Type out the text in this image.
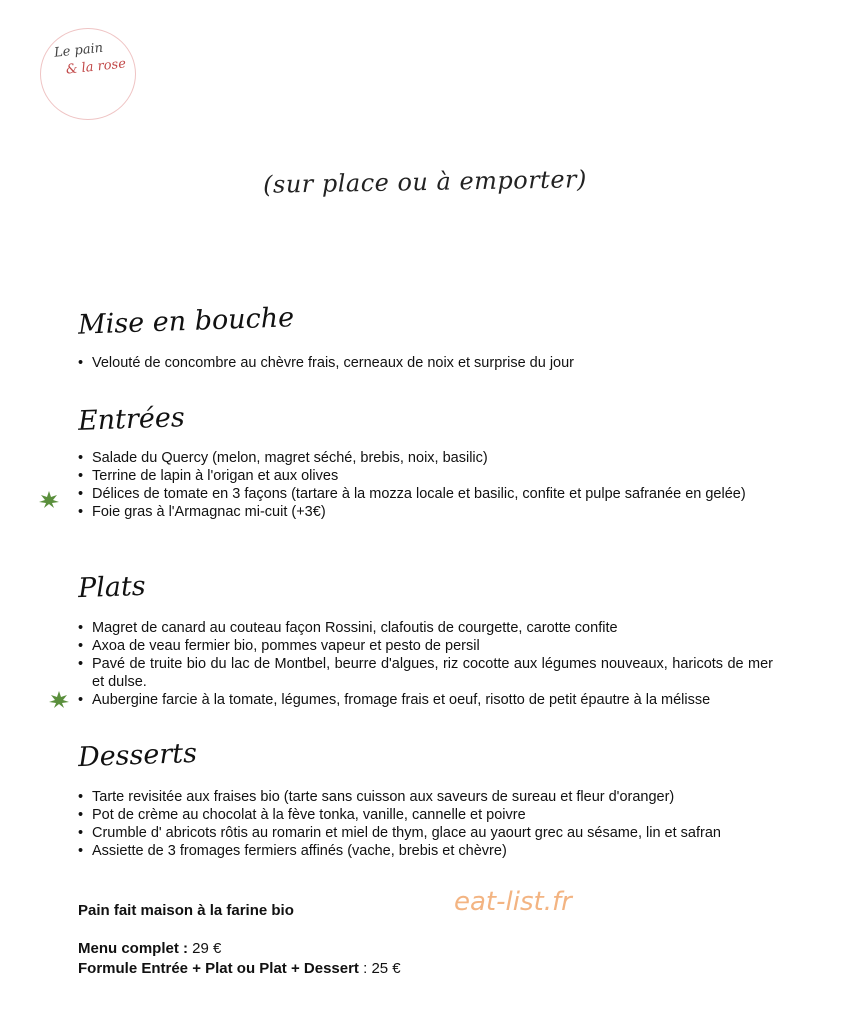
Le pain
& la rose
(sur place ou à emporter)
Mise en bouche
• Velouté de concombre au chèvre frais, cerneaux de noix et surprise du jour
Entrées
• Salade du Quercy (melon, magret séché, brebis, noix, basilic)
• Terrine de lapin à l'origan et aux olives
• Délices de tomate en 3 façons (tartare à la mozza locale et basilic, confite et pulpe safranée en gelée)
• Foie gras à l'Armagnac mi-cuit (+3€)
Plats
• Magret de canard au couteau façon Rossini, clafoutis de courgette, carotte confite
• Axoa de veau fermier bio, pommes vapeur et pesto de persil
• Pavé de truite bio du lac de Montbel, beurre d'algues, riz cocotte aux légumes nouveaux, haricots de mer et dulse.
• Aubergine farcie à la tomate, légumes, fromage frais et oeuf, risotto de petit épautre à la mélisse
Desserts
• Tarte revisitée aux fraises bio (tarte sans cuisson aux saveurs de sureau et fleur d'oranger)
• Pot de crème au chocolat à la fève tonka, vanille, cannelle et poivre
• Crumble d' abricots rôtis au romarin et miel de thym, glace au yaourt grec au sésame, lin et safran
• Assiette de 3 fromages fermiers affinés (vache, brebis et chèvre)
Pain fait maison à la farine bio
Menu complet : 29 €
Formule Entrée + Plat ou Plat + Dessert : 25 €
eat-list.fr
